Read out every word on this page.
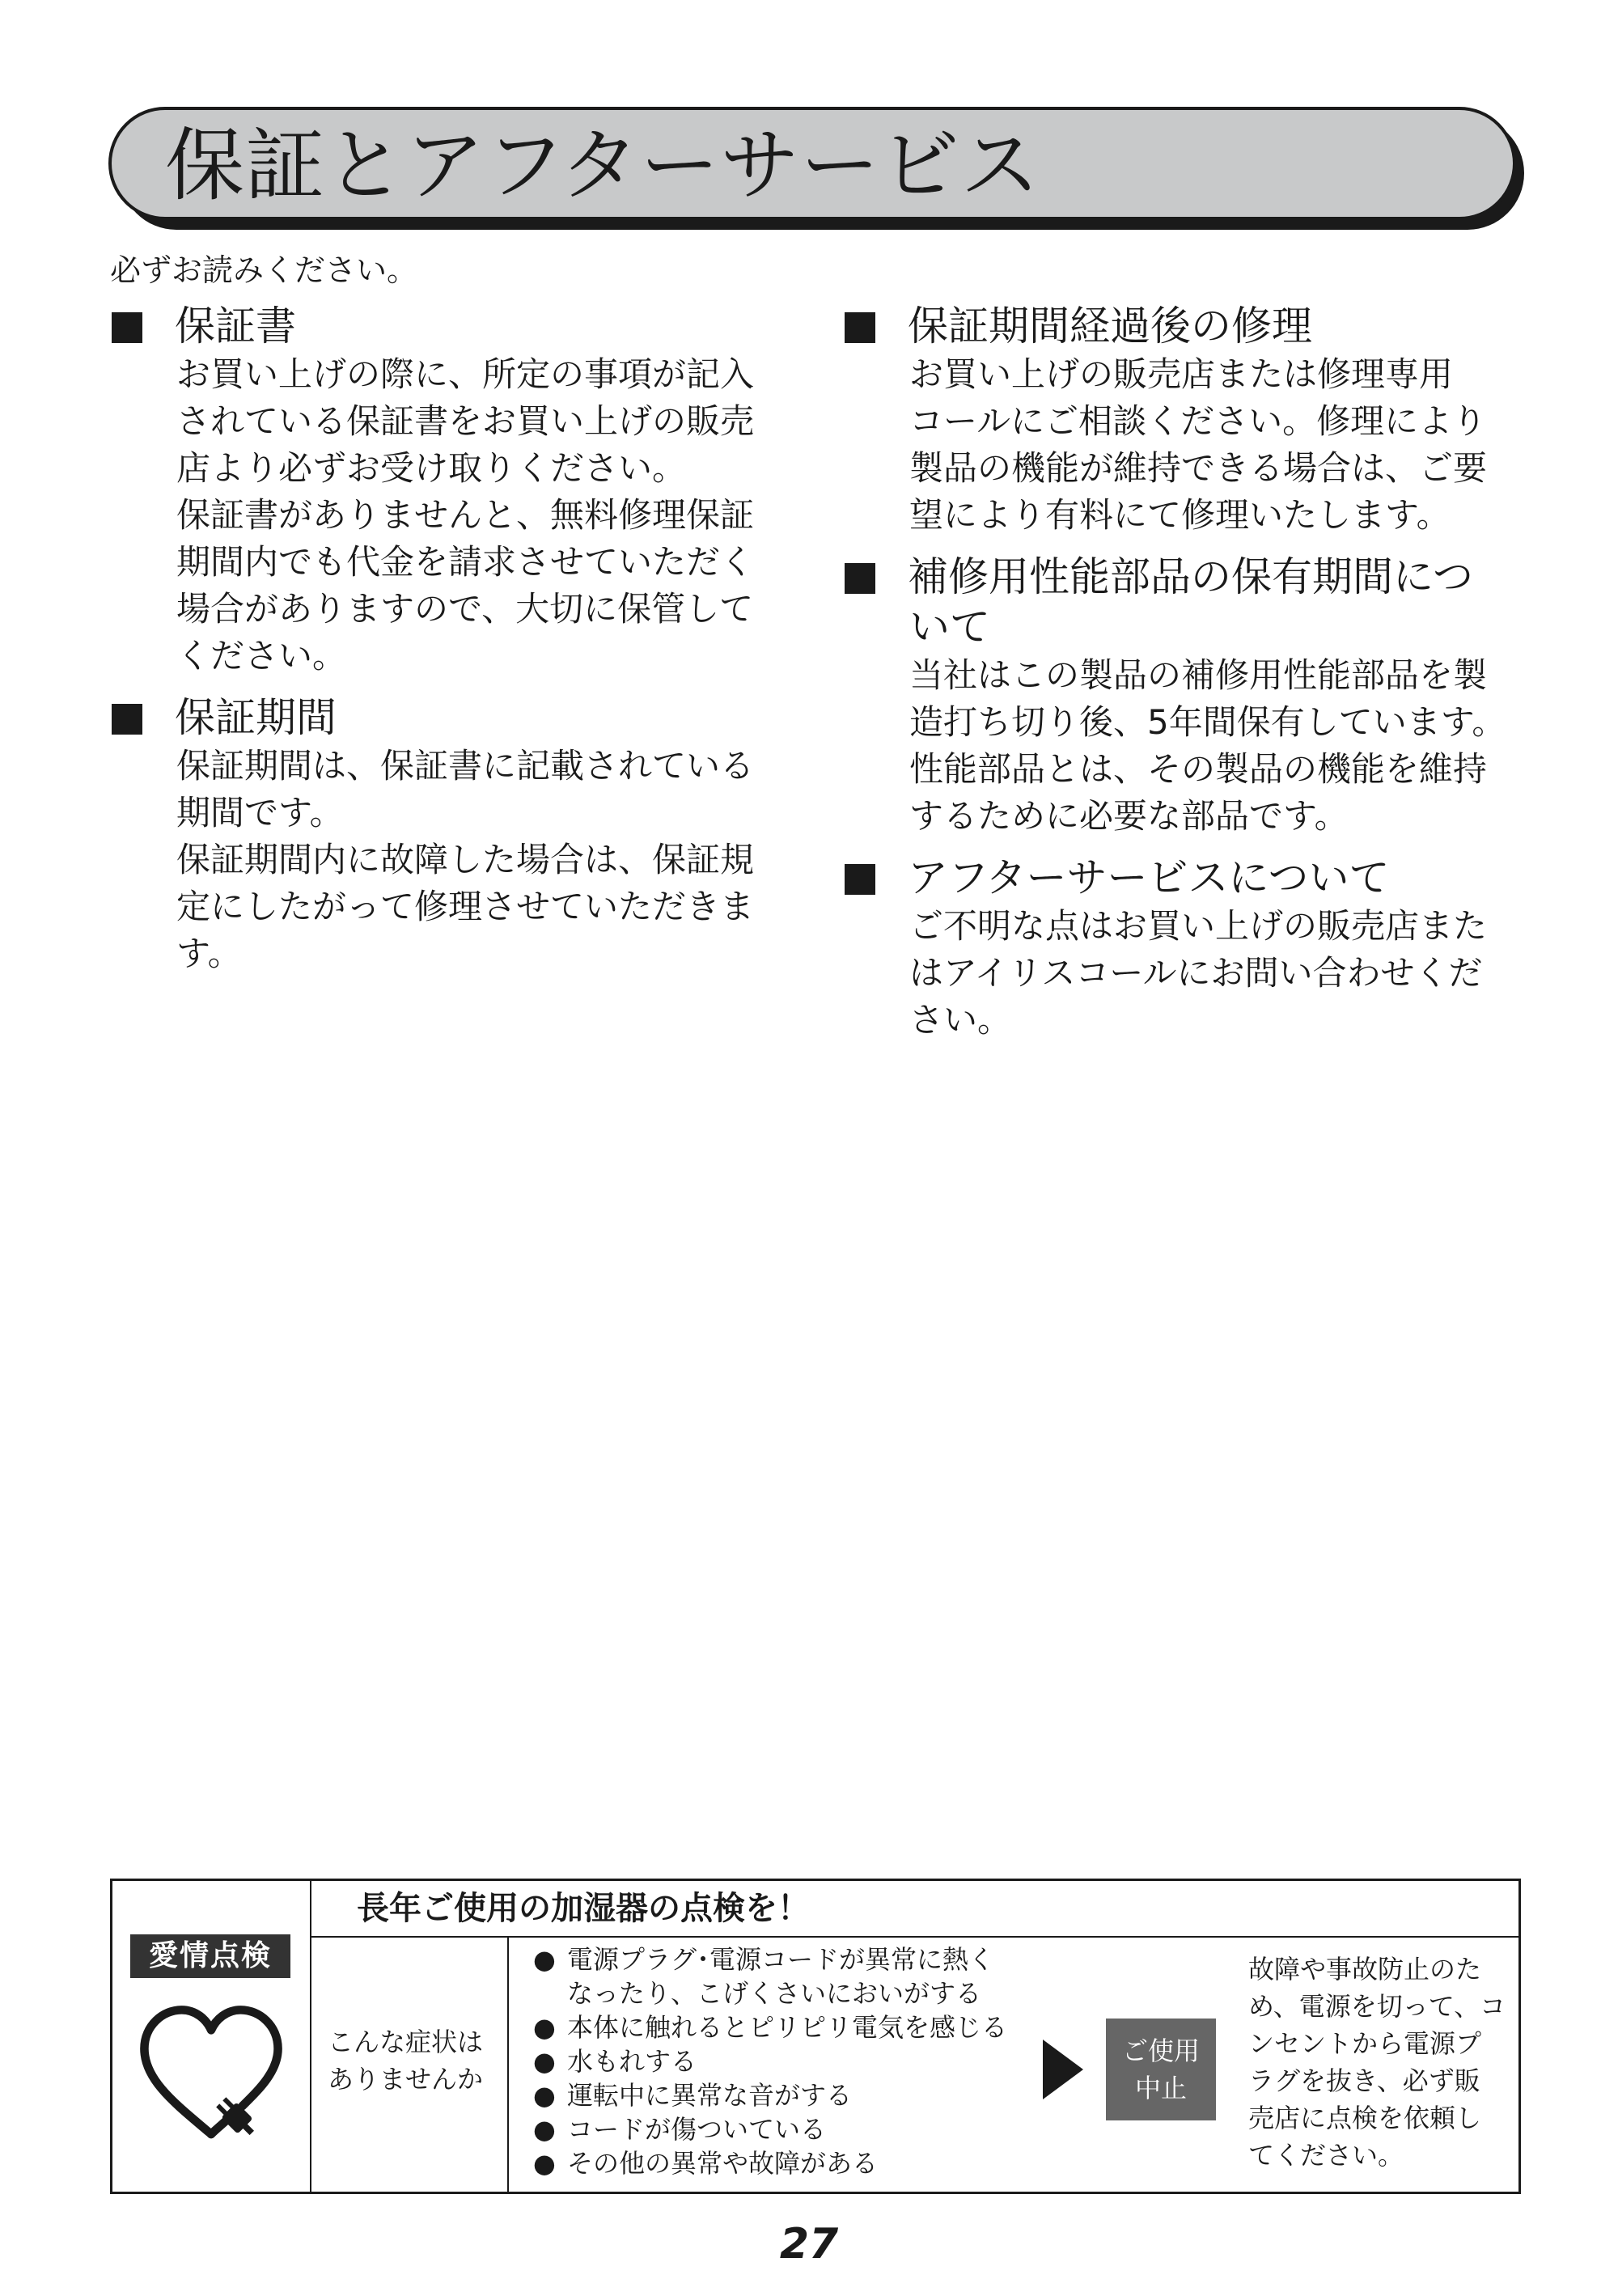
保証とアフターサービス
必ずお読みください。
保証書

お買い上げの際に、所定の事項が記入

されている保証書をお買い上げの販売

店より必ずお受け取りください。

保証書がありませんと、無料修理保証

期間内でも代金を請求させていただく

場合がありますので、大切に保管して

ください。

保証期間

保証期間は、保証書に記載されている

期間です。

保証期間内に故障した場合は、保証規

定にしたがって修理させていただきま

す。

保証期間経過後の修理

お買い上げの販売店または修理専用

コールにご相談ください。修理により

製品の機能が維持できる場合は、ご要

望により有料にて修理いたします。

補修用性能部品の保有期間につ

いて

当社はこの製品の補修用性能部品を製

造打ち切り後、5年間保有しています。

性能部品とは、その製品の機能を維持

するために必要な部品です。

アフターサービスについて

ご不明な点はお買い上げの販売店また

はアイリスコールにお問い合わせくだ

さい。

長年ご使用の加湿器の点検を！
愛情点検

こんな症状は

ありませんか

● 電源プラグ･電源コードが異常に熱く
なったり、こげくさいにおいがする
● 本体に触れるとピリピリ電気を感じる
● 水もれする
● 運転中に異常な音がする
● コードが傷ついている
● その他の異常や故障がある

ご使用

中止

故障や事故防止のた

め、電源を切って、コ

ンセントから電源プ

ラグを抜き、必ず販

売店に点検を依頼し

てください。

27
